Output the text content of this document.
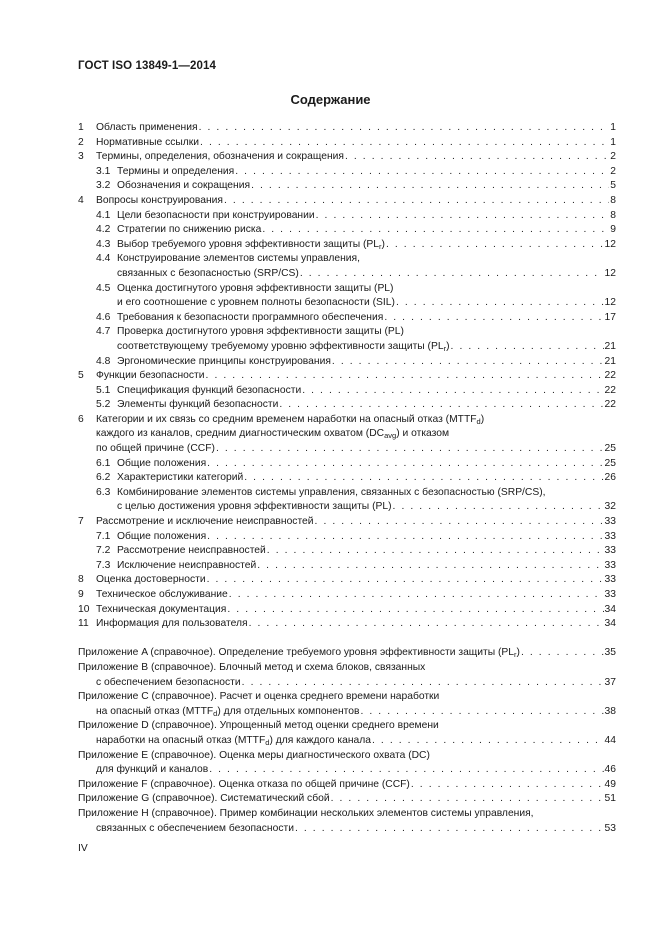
ГОСТ ISO 13849-1—2014
Содержание
1	Область применения . . .	1
2	Нормативные ссылки . . .	1
3	Термины, определения, обозначения и сокращения . . .	2
3.1 Термины и определения . . .	2
3.2 Обозначения и сокращения . . .	5
4	Вопросы конструирования . . .	8
4.1 Цели безопасности при конструировании . . .	8
4.2 Стратегии по снижению риска . . .	9
4.3 Выбор требуемого уровня эффективности защиты $(PL_r)$ . . .	12
4.4 Конструирование элементов системы управления,
связанных с безопасностью (SRP/CS) . . .	12
4.5 Оценка достигнутого уровня эффективности защиты (PL)
и его соотношение с уровнем полноты безопасности (SIL) . . .	12
4.6 Требования к безопасности программного обеспечения . . .	17
4.7 Проверка достигнутого уровня эффективности защиты (PL)
соответствующему требуемому уровню эффективности защиты $(PL_r)$ . . .	21
4.8 Эргономические принципы конструирования . . .	21
5	Функции безопасности . . .	22
5.1 Спецификация функций безопасности . . .	22
5.2 Элементы функций безопасности . . .	22
6	Категории и их связь со средним временем наработки на опасный отказ $(MTTF_d)$
каждого из каналов, средним диагностическим охватом $(DC_{avg})$ и отказом
по общей причине (CCF) . . .	25
6.1 Общие положения . . .	25
6.2 Характеристики категорий . . .	26
6.3 Комбинирование элементов системы управления, связанных с безопасностью (SRP/CS),
с целью достижения уровня эффективности защиты (PL) . . .	32
7	Рассмотрение и исключение неисправностей . . .	33
7.1 Общие положения . . .	33
7.2 Рассмотрение неисправностей . . .	33
7.3 Исключение неисправностей . . .	33
8	Оценка достоверности . . .	33
9	Техническое обслуживание . . .	33
10 Техническая документация . . .	34
11 Информация для пользователя . . .	34
Приложение A (справочное). Определение требуемого уровня эффективности защиты $(PL_r)$ . . .	35
Приложение B (справочное). Блочный метод и схема блоков, связанных
с обеспечением безопасности . . .	37
Приложение C (справочное). Расчет и оценка среднего времени наработки
на опасный отказ $(MTTF_d)$ для отдельных компонентов . . .	38
Приложение D (справочное). Упрощенный метод оценки среднего времени
наработки на опасный отказ $(MTTF_d)$ для каждого канала . . .	44
Приложение E (справочное). Оценка меры диагностического охвата (DC)
для функций и каналов . . .	46
Приложение F (справочное). Оценка отказа по общей причине (CCF) . . .	49
Приложение G (справочное). Систематический сбой . . .	51
Приложение H (справочное). Пример комбинации нескольких элементов системы управления,
связанных с обеспечением безопасности . . .	53
IV
